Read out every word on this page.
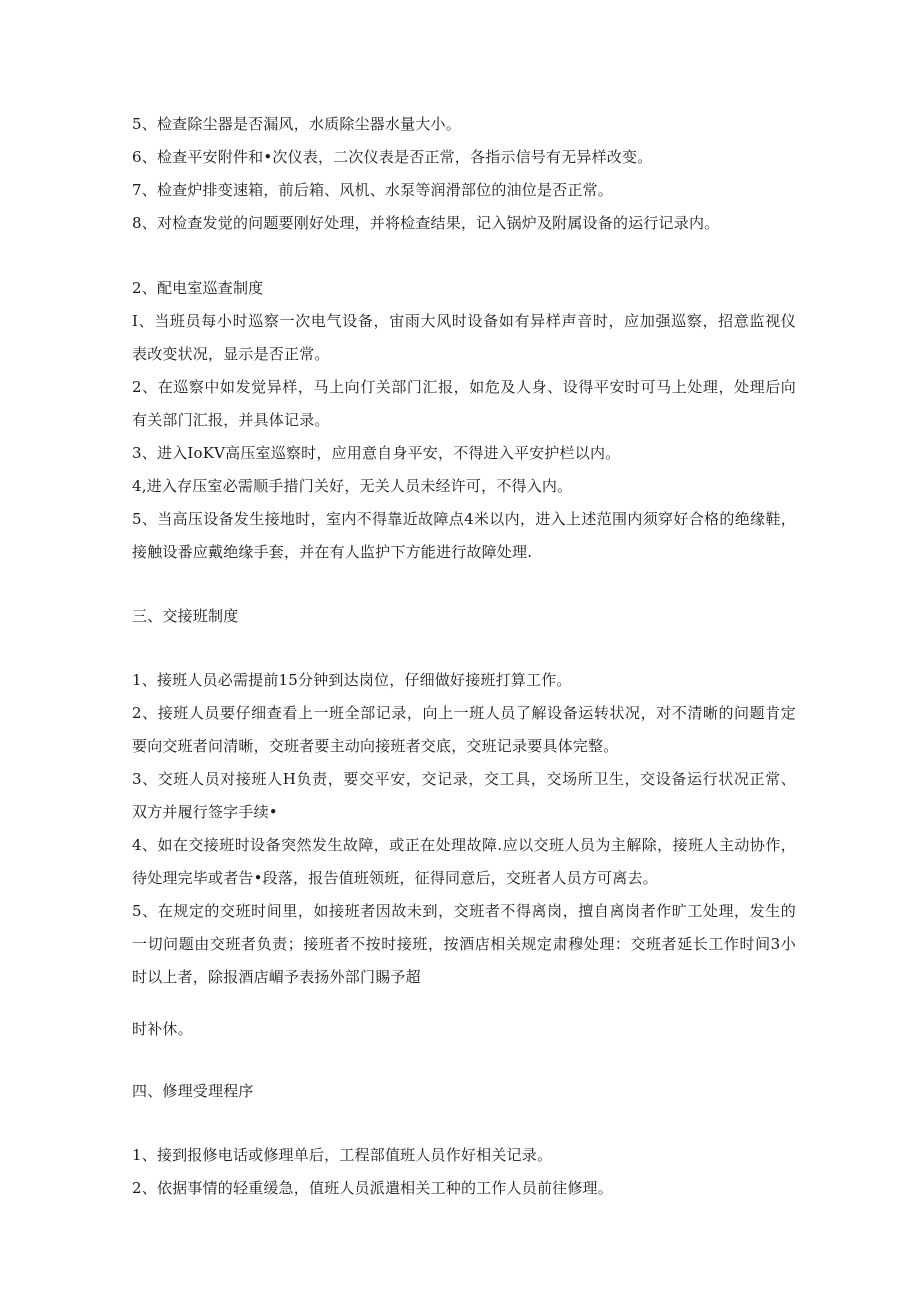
5、检查除尘器是否漏风，水质除尘器水量大小。
6、检查平安附件和•次仪表，二次仪表是否正常，各指示信号有无异样改变。
7、检查炉排变速箱，前后箱、风机、水泵等润滑部位的油位是否正常。
8、对检查发觉的问题要刚好处理，并将检查结果，记入锅炉及附属设备的运行记录内。
2、配电室巡查制度
I、当班员每小时巡察一次电气设备，宙雨大风时设备如有异样声音时，应加强巡察，招意监视仪
表改变状况，显示是否正常。
2、在巡察中如发觉异样，马上向仃关部门汇报，如危及人身、设得平安时可马上处理，处理后向
有关部门汇报，并具体记录。
3、进入IoKV高压室巡察时，应用意自身平安，不得进入平安护栏以内。
4,进入存压室必需顺手措门关好，无关人员未经许可，不得入内。
5、当高压设备发生接地时，室内不得靠近故障点4米以内，进入上述范围内须穿好合格的绝缘鞋，
接触设番应戴绝缘手套，并在有人监护下方能进行故障处理.
三、交接班制度
1、接班人员必需提前15分钟到达岗位，仔细做好接班打算工作。
2、接班人员要仔细查看上一班全部记录，向上一班人员了解设备运转状况，对不清晰的问题肯定
要向交班者问清晰，交班者要主动向接班者交底，交班记录要具体完整。
3、交班人员对接班人H负责，要交平安，交记录，交工具，交场所卫生，交设备运行状况正常、
双方并履行签字手续•
4、如在交接班时设备突然发生故障，或正在处理故障.应以交班人员为主解除，接班人主动协作，
待处理完毕或者告•段落，报告值班领班，征得同意后，交班者人员方可离去。
5、在规定的交班时间里，如接班者因故未到，交班者不得离岗，擅自离岗者作旷工处理，发生的
一切问题由交班者负责；接班者不按时接班，按酒店相关规定肃穆处理：交班者延长工作时间3小
时以上者，除报酒店嵋予表扬外部门賜予超
时补休。
四、修理受理程序
1、接到报修电话或修理单后，工程部值班人员作好相关记录。
2、依据事情的轻重缓急，值班人员派遣相关工种的工作人员前往修理。
